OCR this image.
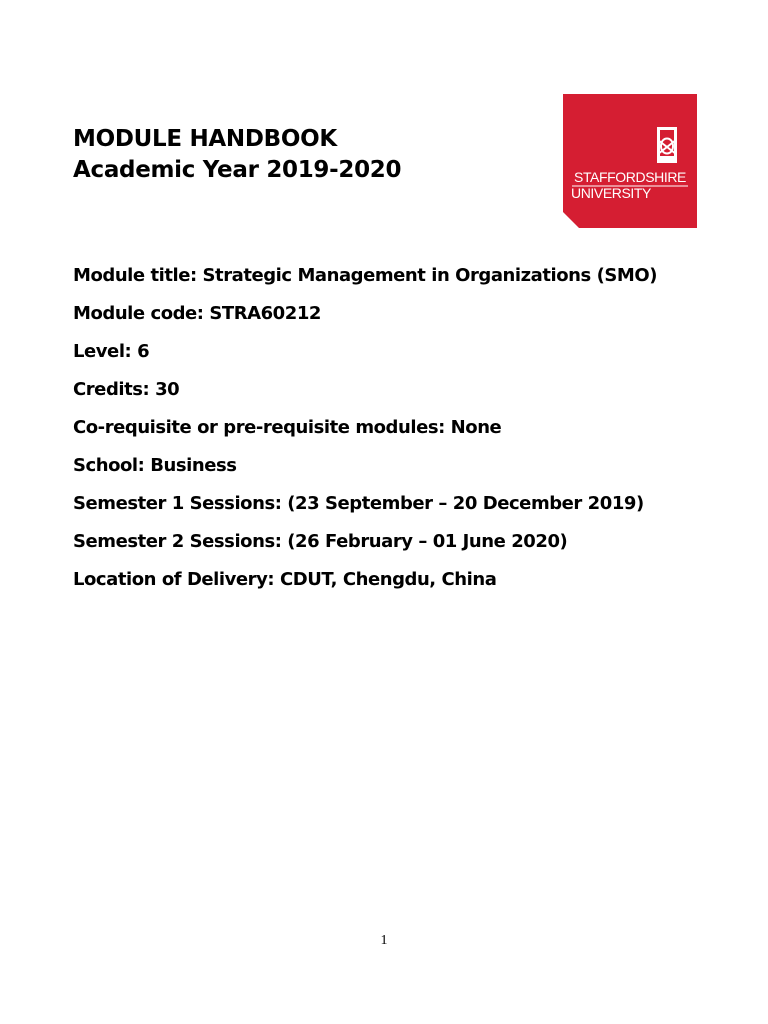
MODULE HANDBOOK
Academic Year 2019-2020	STAFFORDSHIRE
UNIVERSITY
Module title: Strategic Management in Organizations (SMO)
Module code: STRA60212
Level: 6
Credits: 30
Co-requisite or pre-requisite modules: None
School: Business
Semester 1 Sessions: (23 September – 20 December 2019)
Semester 2 Sessions: (26 February – 01 June 2020)
Location of Delivery: CDUT, Chengdu, China
1
